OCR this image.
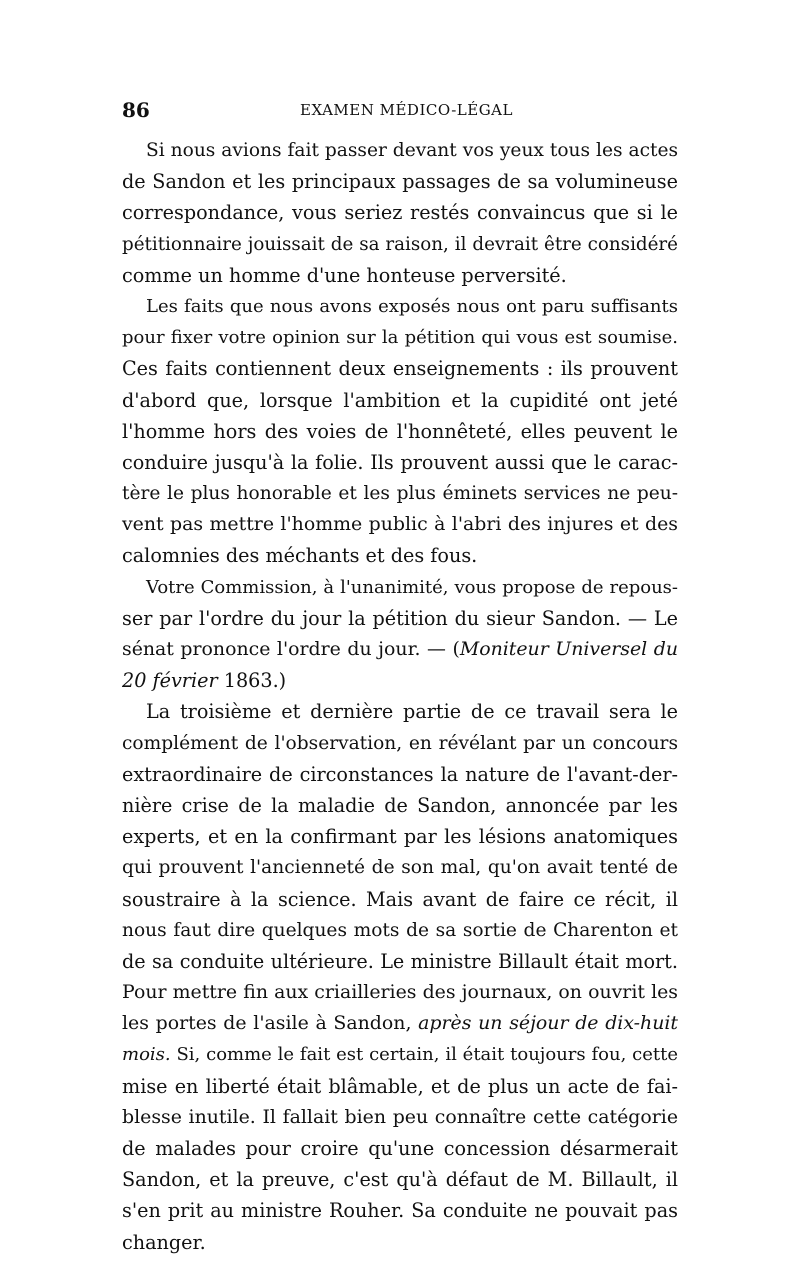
86	EXAMEN MÉDICO-LÉGAL
Si nous avions fait passer devant vos yeux tous les actes
de Sandon et les principaux passages de sa volumineuse
correspondance, vous seriez restés convaincus que si le
pétitionnaire jouissait de sa raison, il devrait être considéré
comme un homme d'une honteuse perversité.
Les faits que nous avons exposés nous ont paru suffisants
pour fixer votre opinion sur la pétition qui vous est soumise.
Ces faits contiennent deux enseignements : ils prouvent
d'abord que, lorsque l'ambition et la cupidité ont jeté
l'homme hors des voies de l'honnêteté, elles peuvent le
conduire jusqu'à la folie. Ils prouvent aussi que le carac-
tère le plus honorable et les plus éminets services ne peu-
vent pas mettre l'homme public à l'abri des injures et des
calomnies des méchants et des fous.
Votre Commission, à l'unanimité, vous propose de repous-
ser par l'ordre du jour la pétition du sieur Sandon. — Le
sénat prononce l'ordre du jour. — (Moniteur Universel du
20 février 1863.)
La troisième et dernière partie de ce travail sera le
complément de l'observation, en révélant par un concours
extraordinaire de circonstances la nature de l'avant-der-
nière crise de la maladie de Sandon, annoncée par les
experts, et en la confirmant par les lésions anatomiques
qui prouvent l'ancienneté de son mal, qu'on avait tenté de
soustraire à la science. Mais avant de faire ce récit, il
nous faut dire quelques mots de sa sortie de Charenton et
de sa conduite ultérieure. Le ministre Billault était mort.
Pour mettre fin aux criailleries des journaux, on ouvrit les
les portes de l'asile à Sandon, après un séjour de dix-huit
mois. Si, comme le fait est certain, il était toujours fou, cette
mise en liberté était blâmable, et de plus un acte de fai-
blesse inutile. Il fallait bien peu connaître cette catégorie
de malades pour croire qu'une concession désarmerait
Sandon, et la preuve, c'est qu'à défaut de M. Billault, il
s'en prit au ministre Rouher. Sa conduite ne pouvait pas
changer.
